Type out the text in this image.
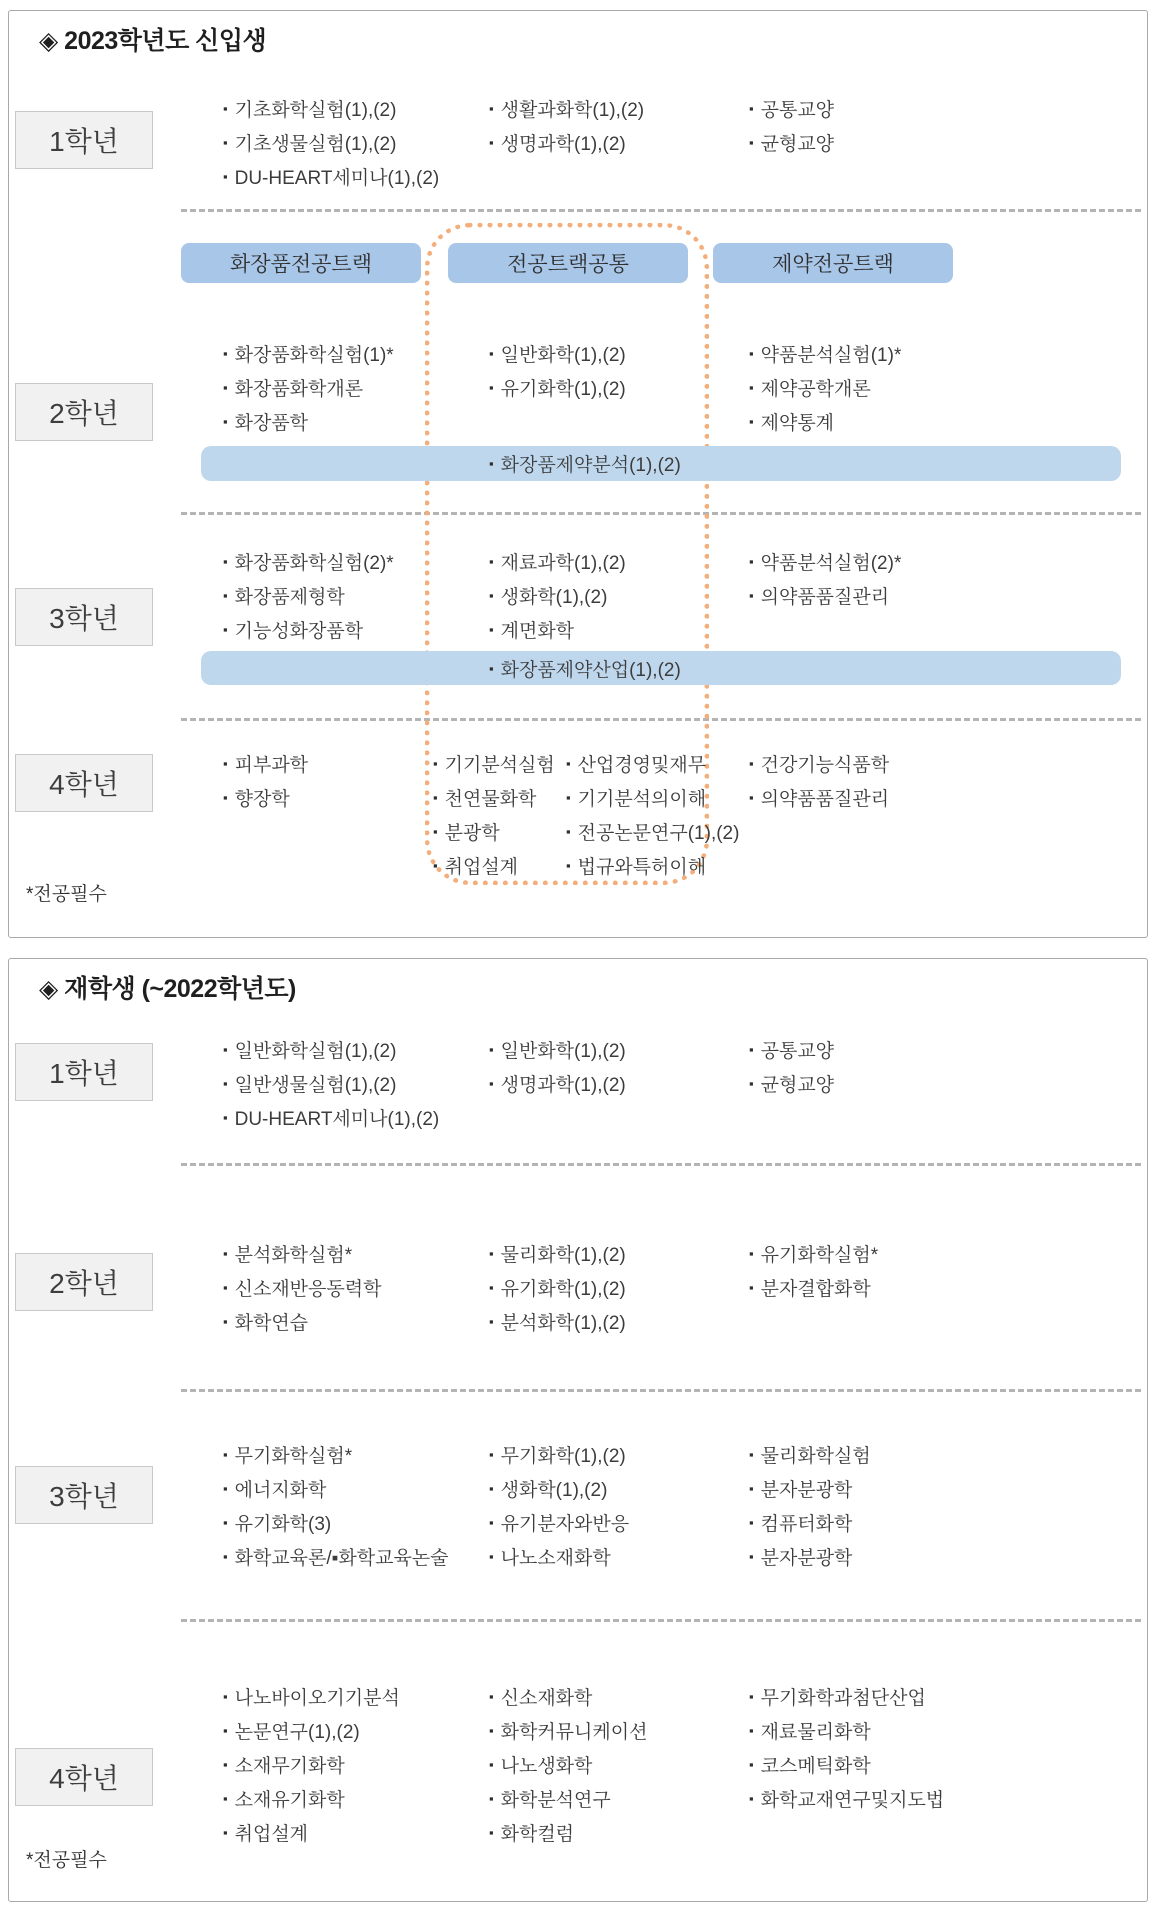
◈ 2023학년도 신입생
1학년
▪ 기초화학실험(1),(2)
▪ 기초생물실험(1),(2)
▪ DU-HEART세미나(1),(2)
▪ 생활과화학(1),(2)
▪ 생명과학(1),(2)
▪ 공통교양
▪ 균형교양
화장품전공트랙	전공트랙공통	제약전공트랙
2학년
▪ 화장품화학실험(1)*
▪ 화장품화학개론
▪ 화장품학
▪ 일반화학(1),(2)
▪ 유기화학(1),(2)
▪ 약품분석실험(1)*
▪ 제약공학개론
▪ 제약통계
▪ 화장품제약분석(1),(2)
3학년
▪ 화장품화학실험(2)*
▪ 화장품제형학
▪ 기능성화장품학
▪ 재료과학(1),(2)
▪ 생화학(1),(2)
▪ 계면화학
▪ 약품분석실험(2)*
▪ 의약품품질관리
▪ 화장품제약산업(1),(2)
4학년
▪ 피부과학
▪ 향장학
▪ 기기분석실험
▪ 천연물화학
▪ 분광학
▪ 취업설계
▪ 산업경영및재무
▪ 기기분석의이해
▪ 전공논문연구(1),(2)
▪ 법규와특허이해
▪ 건강기능식품학
▪ 의약품품질관리
*전공필수
◈ 재학생 (~2022학년도)
1학년
▪ 일반화학실험(1),(2)
▪ 일반생물실험(1),(2)
▪ DU-HEART세미나(1),(2)
▪ 일반화학(1),(2)
▪ 생명과학(1),(2)
▪ 공통교양
▪ 균형교양
2학년
▪ 분석화학실험*
▪ 신소재반응동력학
▪ 화학연습
▪ 물리화학(1),(2)
▪ 유기화학(1),(2)
▪ 분석화학(1),(2)
▪ 유기화학실험*
▪ 분자결합화학
3학년
▪ 무기화학실험*
▪ 에너지화학
▪ 유기화학(3)
▪ 화학교육론/▪화학교육논술
▪ 무기화학(1),(2)
▪ 생화학(1),(2)
▪ 유기분자와반응
▪ 나노소재화학
▪ 물리화학실험
▪ 분자분광학
▪ 컴퓨터화학
▪ 분자분광학
4학년
▪ 나노바이오기기분석
▪ 논문연구(1),(2)
▪ 소재무기화학
▪ 소재유기화학
▪ 취업설계
▪ 신소재화학
▪ 화학커뮤니케이션
▪ 나노생화학
▪ 화학분석연구
▪ 화학컬럼
▪ 무기화학과첨단산업
▪ 재료물리화학
▪ 코스메틱화학
▪ 화학교재연구및지도법
*전공필수
